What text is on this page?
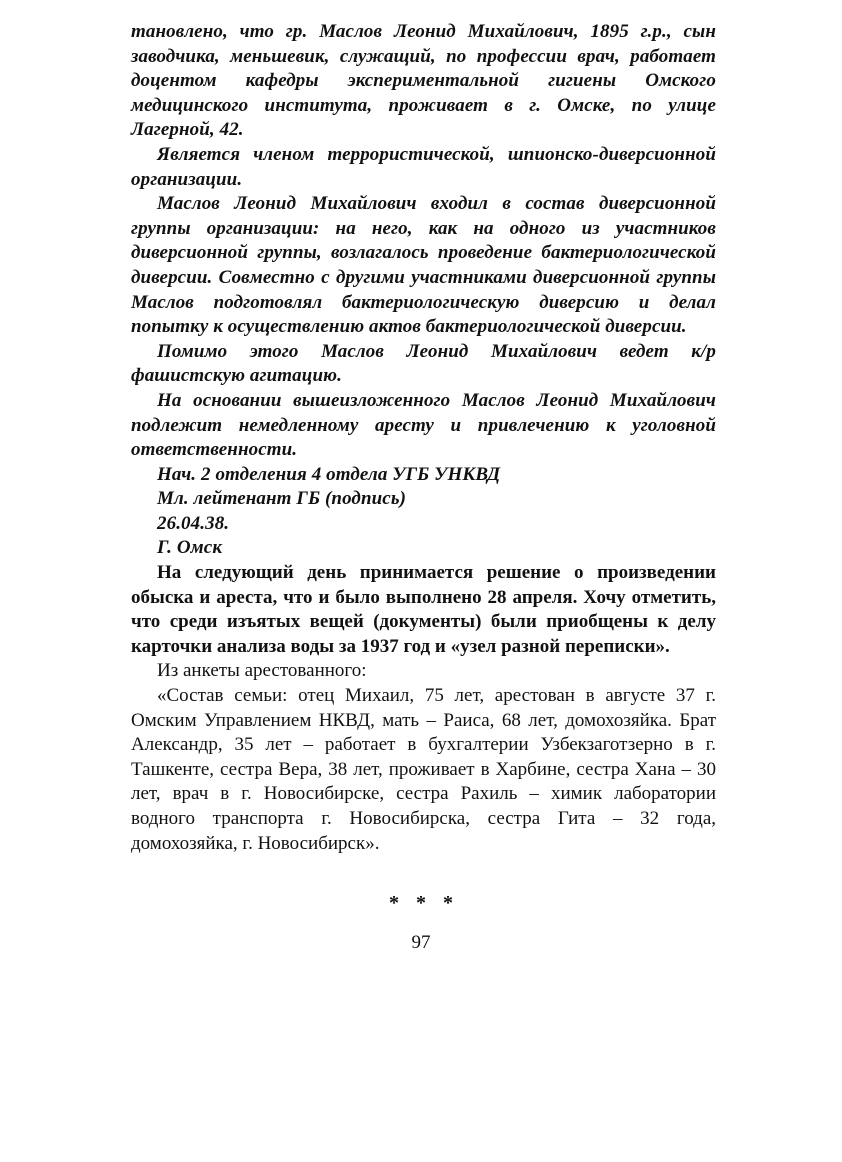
тановлено, что гр. Маслов Леонид Михайлович, 1895 г.р., сын заводчика, меньшевик, служащий, по профессии врач, работает доцентом кафедры экспериментальной гигиены Омского медицинского института, проживает в г. Омске, по улице Лагерной, 42.

Является членом террористической, шпионско-диверсионной организации.

Маслов Леонид Михайлович входил в состав диверсионной группы организации: на него, как на одного из участников диверсионной группы, возлагалось проведение бактериологической диверсии. Совместно с другими участниками диверсионной группы Маслов подготовлял бактериологическую диверсию и делал попытку к осуществлению актов бактериологической диверсии.

Помимо этого Маслов Леонид Михайлович ведет к/р фашистскую агитацию.

На основании вышеизложенного Маслов Леонид Михайлович подлежит немедленному аресту и привлечению к уголовной ответственности.

Нач. 2 отделения 4 отдела УГБ УНКВД

Мл. лейтенант ГБ (подпись)

26.04.38.

Г. Омск

На следующий день принимается решение о произведении обыска и ареста, что и было выполнено 28 апреля. Хочу отметить, что среди изъятых вещей (документы) были приобщены к делу карточки анализа воды за 1937 год и «узел разной переписки».

Из анкеты арестованного:

«Состав семьи: отец Михаил, 75 лет, арестован в августе 37 г. Омским Управлением НКВД, мать – Раиса, 68 лет, домохозяйка. Брат Александр, 35 лет – работает в бухгалтерии Узбекзаготзерно в г. Ташкенте, сестра Вера, 38 лет, проживает в Харбине, сестра Хана – 30 лет, врач в г. Новосибирске, сестра Рахиль – химик лаборатории водного транспорта г. Новосибирска, сестра Гита – 32 года, домохозяйка, г. Новосибирск».

* * *
97
